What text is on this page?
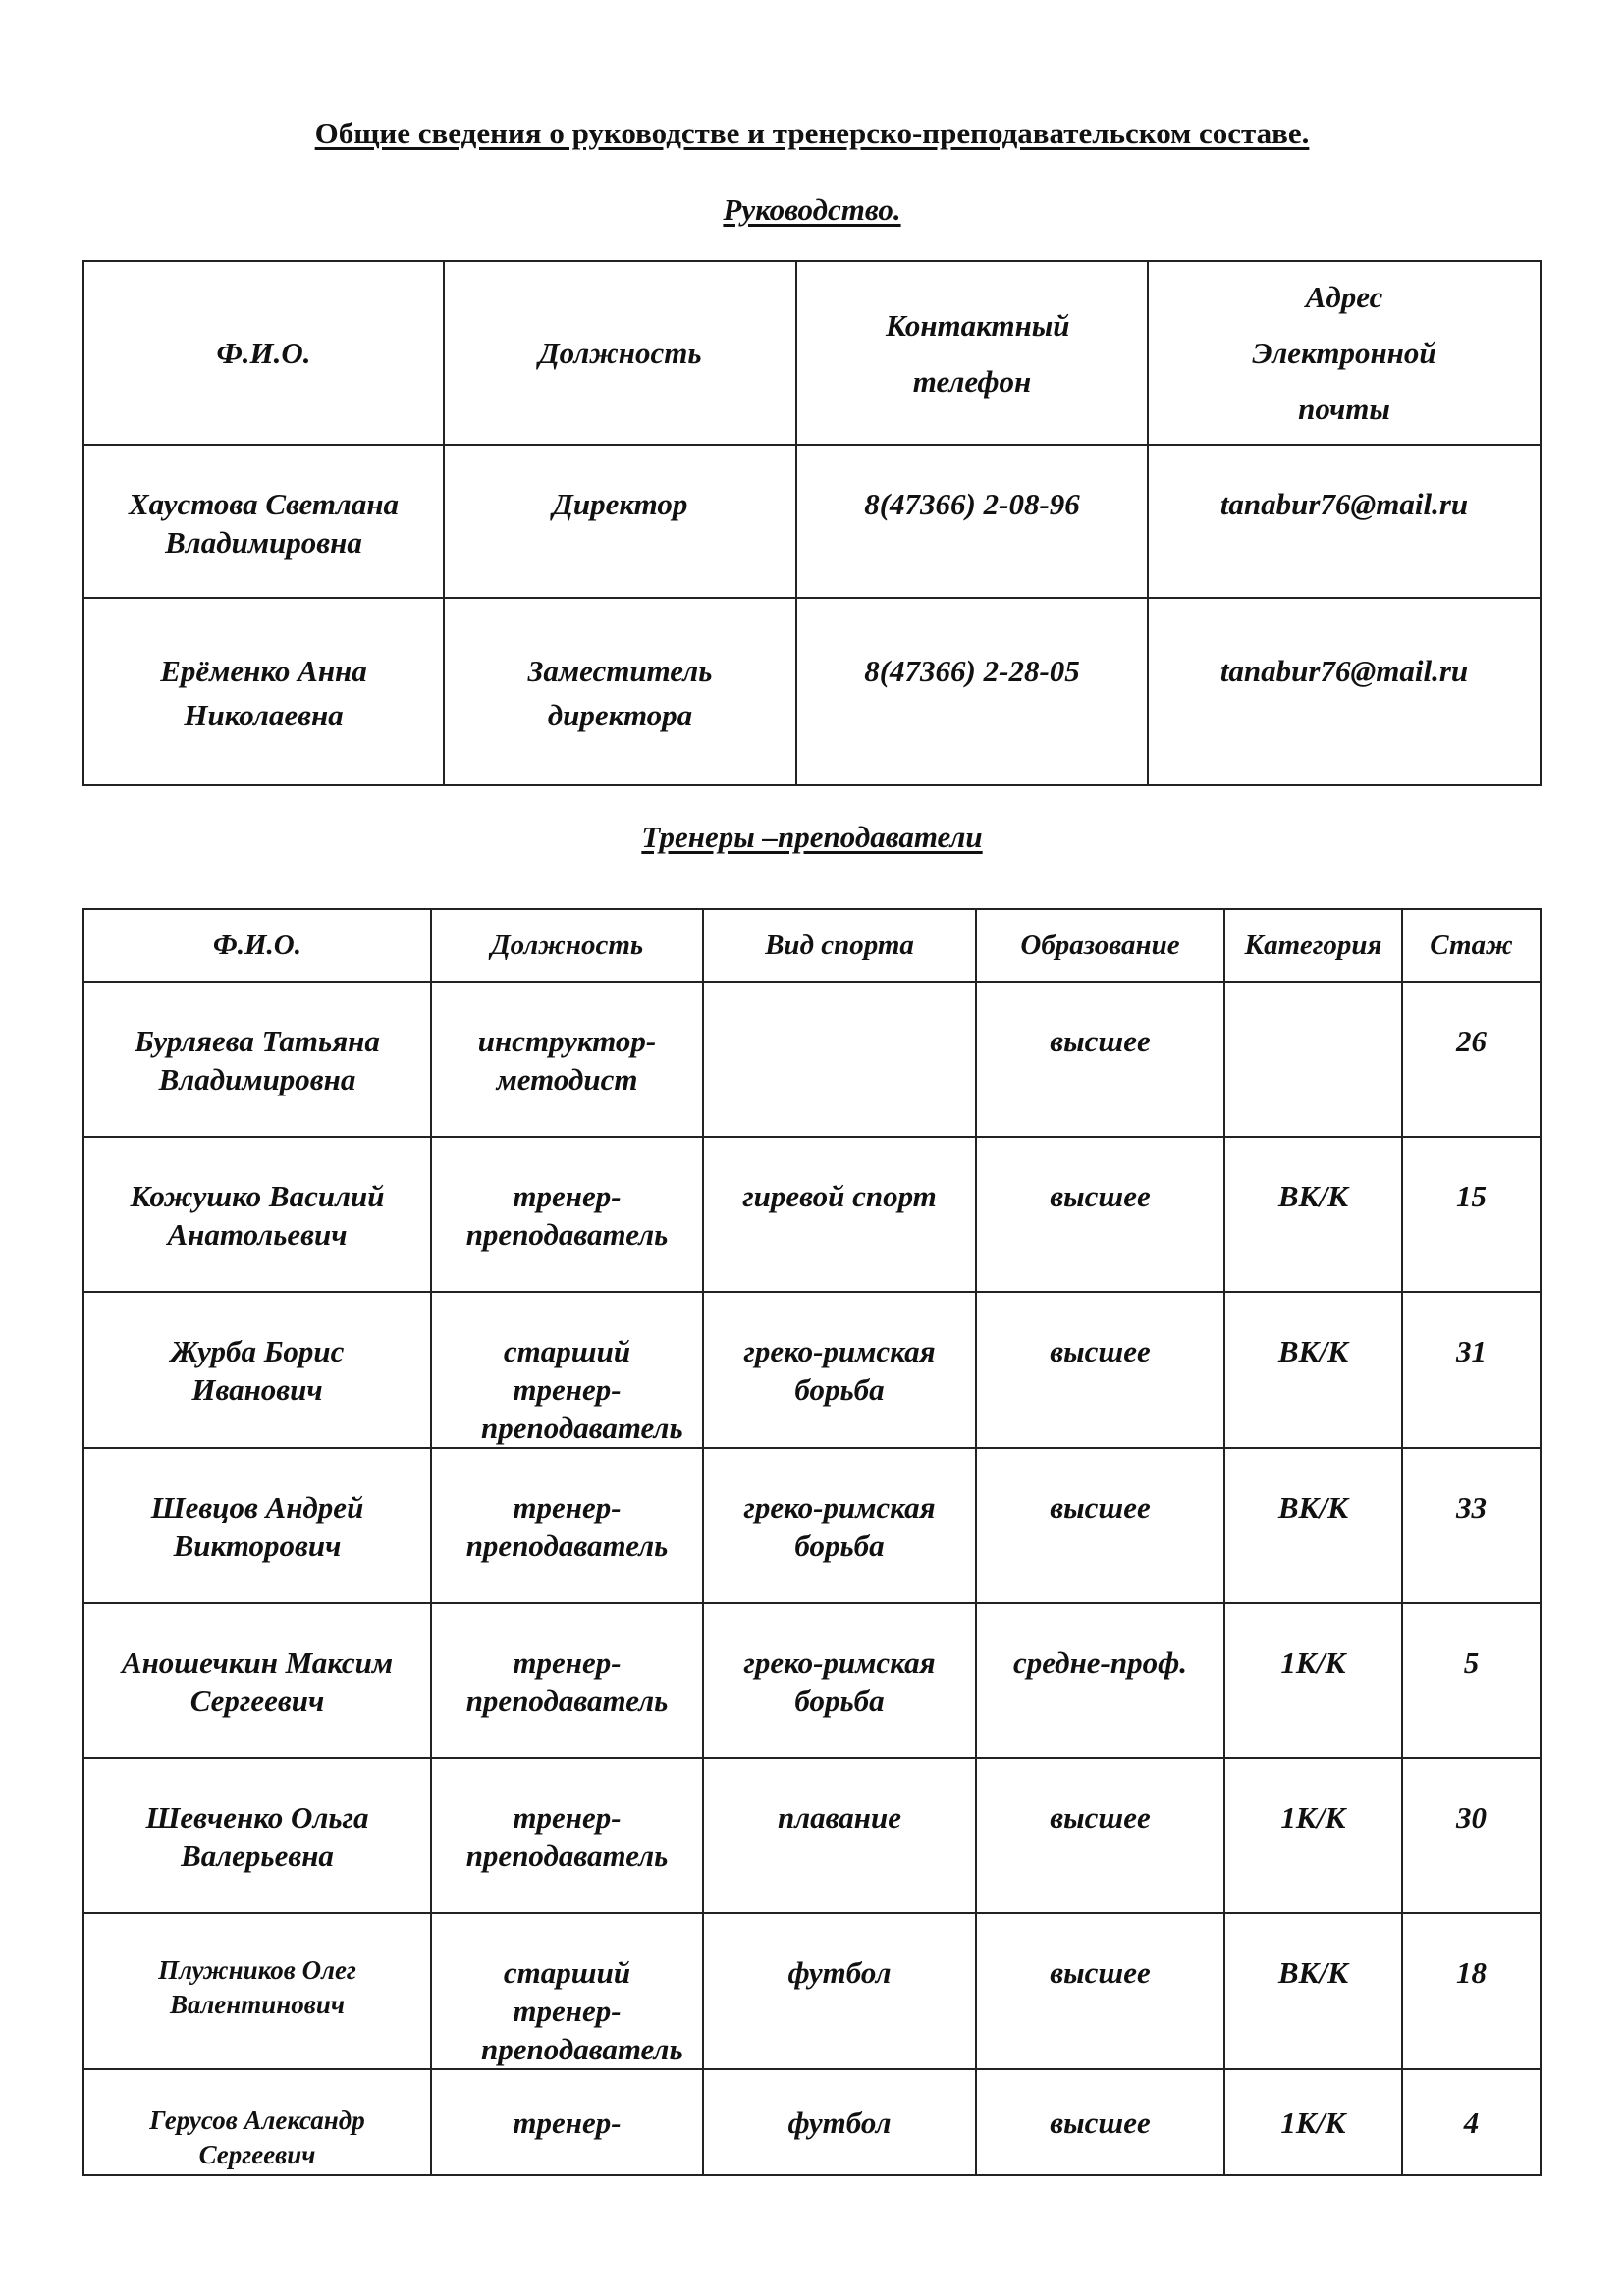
Общие сведения о руководстве и тренерско-преподавательском составе.
Руководство.
Ф.И.О.	Должность	Контактный телефон	Адрес Электронной почты
Хаустова Светлана Владимировна	Директор	8(47366) 2-08-96	tanabur76@mail.ru
Ерёменко Анна Николаевна	Заместитель директора	8(47366) 2-28-05	tanabur76@mail.ru
Тренеры –преподаватели
Ф.И.О.	Должность	Вид спорта	Образование	Категория	Стаж
Бурляева Татьяна Владимировна	инструктор-методист		высшее		26
Кожушко Василий Анатольевич	тренер-преподаватель	гиревой спорт	высшее	ВК/К	15
Журба Борис Иванович	старший тренер-преподаватель	греко-римская борьба	высшее	ВК/К	31
Шевцов Андрей Викторович	тренер-преподаватель	греко-римская борьба	высшее	ВК/К	33
Аношечкин Максим Сергеевич	тренер-преподаватель	греко-римская борьба	средне-проф.	1К/К	5
Шевченко Ольга Валерьевна	тренер-преподаватель	плавание	высшее	1К/К	30
Плужников Олег Валентинович	старший тренер-преподаватель	футбол	высшее	ВК/К	18
Герусов Александр Сергеевич	тренер-	футбол	высшее	1К/К	4
